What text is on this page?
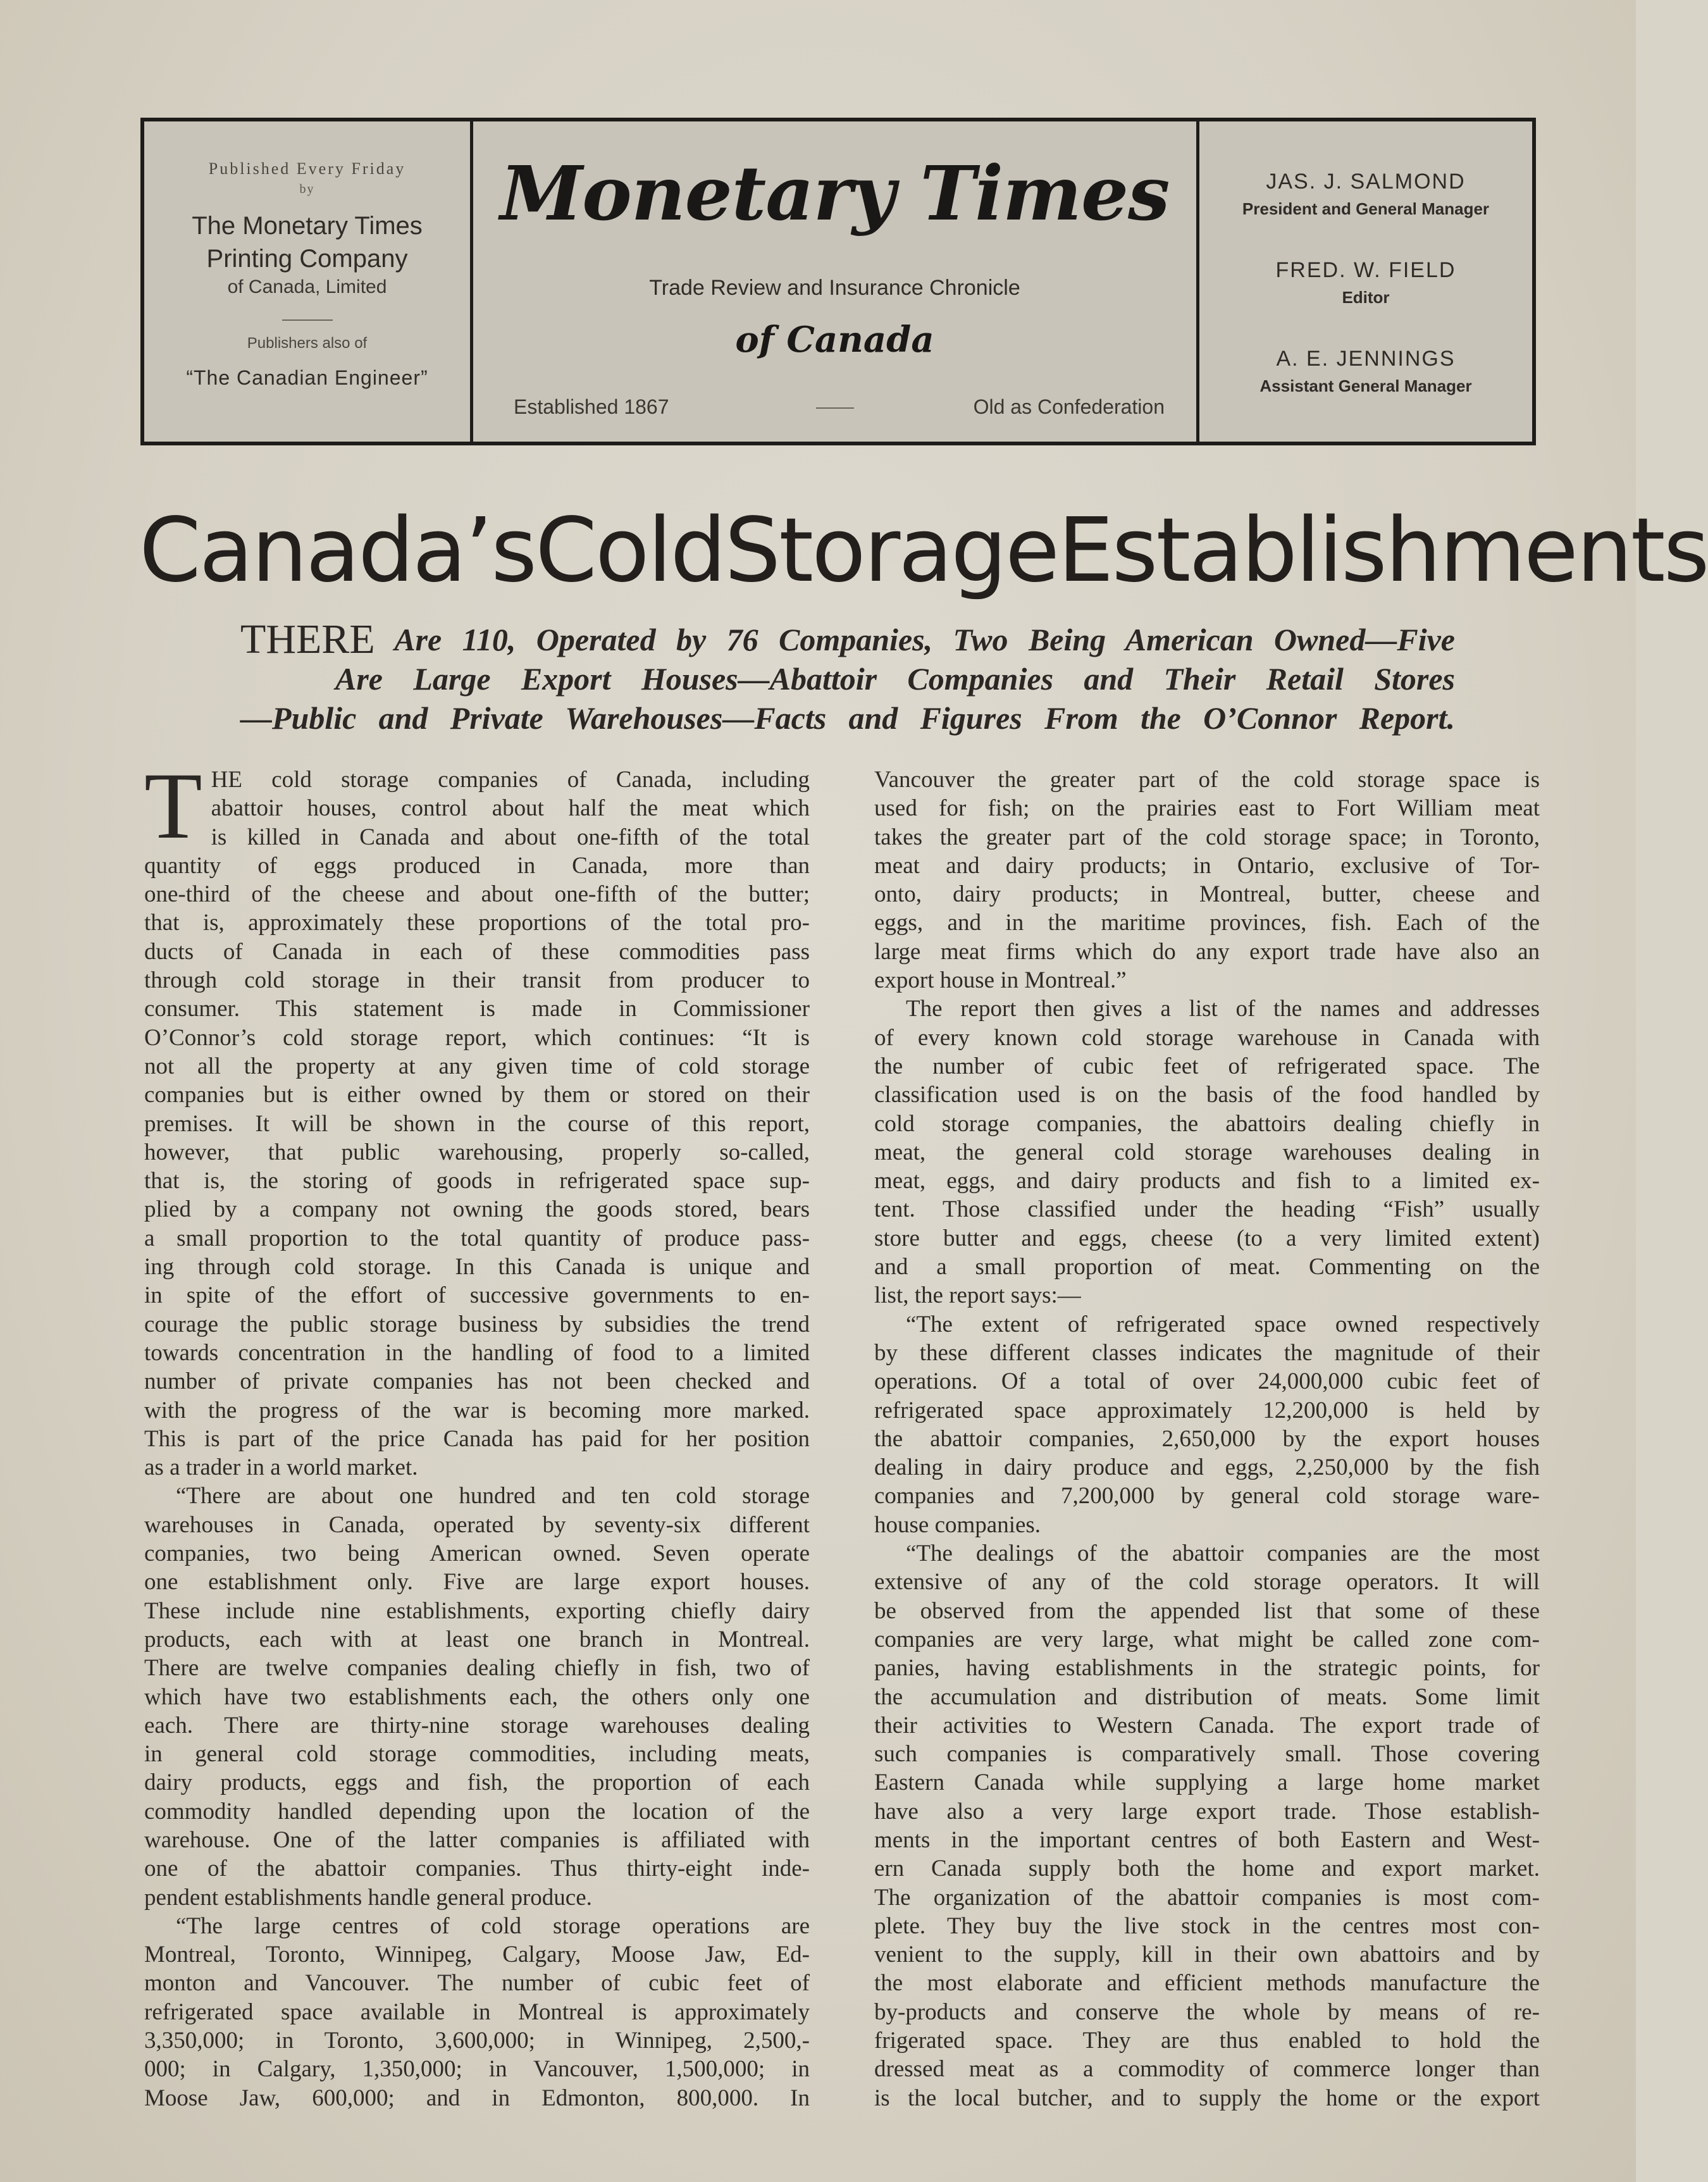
Published Every Friday
by
The Monetary Times
Printing Company
of Canada, Limited
Publishers also of
“The Canadian Engineer”
Monetary Times
Trade Review and Insurance Chronicle
of Canada
Established 1867	Old as Confederation
JAS. J. SALMOND
President and General Manager
FRED. W. FIELD
Editor
A. E. JENNINGS
Assistant General Manager
Canada’s Cold Storage Establishments
THERE Are 110, Operated by 76 Companies, Two Being American Owned—Five
Are Large Export Houses—Abattoir Companies and Their Retail Stores
—Public and Private Warehouses—Facts and Figures From the O’Connor Report.
T HE cold storage companies of Canada, including

abattoir houses, control about half the meat which

is killed in Canada and about one-fifth of the total

quantity of eggs produced in Canada, more than

one-third of the cheese and about one-fifth of the butter;

that is, approximately these proportions of the total pro-

ducts of Canada in each of these commodities pass

through cold storage in their transit from producer to

consumer. This statement is made in Commissioner

O’Connor’s cold storage report, which continues: “It is

not all the property at any given time of cold storage

companies but is either owned by them or stored on their

premises. It will be shown in the course of this report,

however, that public warehousing, properly so-called,

that is, the storing of goods in refrigerated space sup-

plied by a company not owning the goods stored, bears

a small proportion to the total quantity of produce pass-

ing through cold storage. In this Canada is unique and

in spite of the effort of successive governments to en-

courage the public storage business by subsidies the trend

towards concentration in the handling of food to a limited

number of private companies has not been checked and

with the progress of the war is becoming more marked.

This is part of the price Canada has paid for her position

as a trader in a world market.

“There are about one hundred and ten cold storage

warehouses in Canada, operated by seventy-six different

companies, two being American owned. Seven operate

one establishment only. Five are large export houses.

These include nine establishments, exporting chiefly dairy

products, each with at least one branch in Montreal.

There are twelve companies dealing chiefly in fish, two of

which have two establishments each, the others only one

each. There are thirty-nine storage warehouses dealing

in general cold storage commodities, including meats,

dairy products, eggs and fish, the proportion of each

commodity handled depending upon the location of the

warehouse. One of the latter companies is affiliated with

one of the abattoir companies. Thus thirty-eight inde-

pendent establishments handle general produce.

“The large centres of cold storage operations are

Montreal, Toronto, Winnipeg, Calgary, Moose Jaw, Ed-

monton and Vancouver. The number of cubic feet of

refrigerated space available in Montreal is approximately

3,350,000; in Toronto, 3,600,000; in Winnipeg, 2,500,-

000; in Calgary, 1,350,000; in Vancouver, 1,500,000; in

Moose Jaw, 600,000; and in Edmonton, 800,000. In

Vancouver the greater part of the cold storage space is

used for fish; on the prairies east to Fort William meat

takes the greater part of the cold storage space; in Toronto,

meat and dairy products; in Ontario, exclusive of Tor-

onto, dairy products; in Montreal, butter, cheese and

eggs, and in the maritime provinces, fish. Each of the

large meat firms which do any export trade have also an

export house in Montreal.”

The report then gives a list of the names and addresses

of every known cold storage warehouse in Canada with

the number of cubic feet of refrigerated space. The

classification used is on the basis of the food handled by

cold storage companies, the abattoirs dealing chiefly in

meat, the general cold storage warehouses dealing in

meat, eggs, and dairy products and fish to a limited ex-

tent. Those classified under the heading “Fish” usually

store butter and eggs, cheese (to a very limited extent)

and a small proportion of meat. Commenting on the

list, the report says:—

“The extent of refrigerated space owned respectively

by these different classes indicates the magnitude of their

operations. Of a total of over 24,000,000 cubic feet of

refrigerated space approximately 12,200,000 is held by

the abattoir companies, 2,650,000 by the export houses

dealing in dairy produce and eggs, 2,250,000 by the fish

companies and 7,200,000 by general cold storage ware-

house companies.

“The dealings of the abattoir companies are the most

extensive of any of the cold storage operators. It will

be observed from the appended list that some of these

companies are very large, what might be called zone com-

panies, having establishments in the strategic points, for

the accumulation and distribution of meats. Some limit

their activities to Western Canada. The export trade of

such companies is comparatively small. Those covering

Eastern Canada while supplying a large home market

have also a very large export trade. Those establish-

ments in the important centres of both Eastern and West-

ern Canada supply both the home and export market.

The organization of the abattoir companies is most com-

plete. They buy the live stock in the centres most con-

venient to the supply, kill in their own abattoirs and by

the most elaborate and efficient methods manufacture the

by-products and conserve the whole by means of re-

frigerated space. They are thus enabled to hold the

dressed meat as a commodity of commerce longer than

is the local butcher, and to supply the home or the export
